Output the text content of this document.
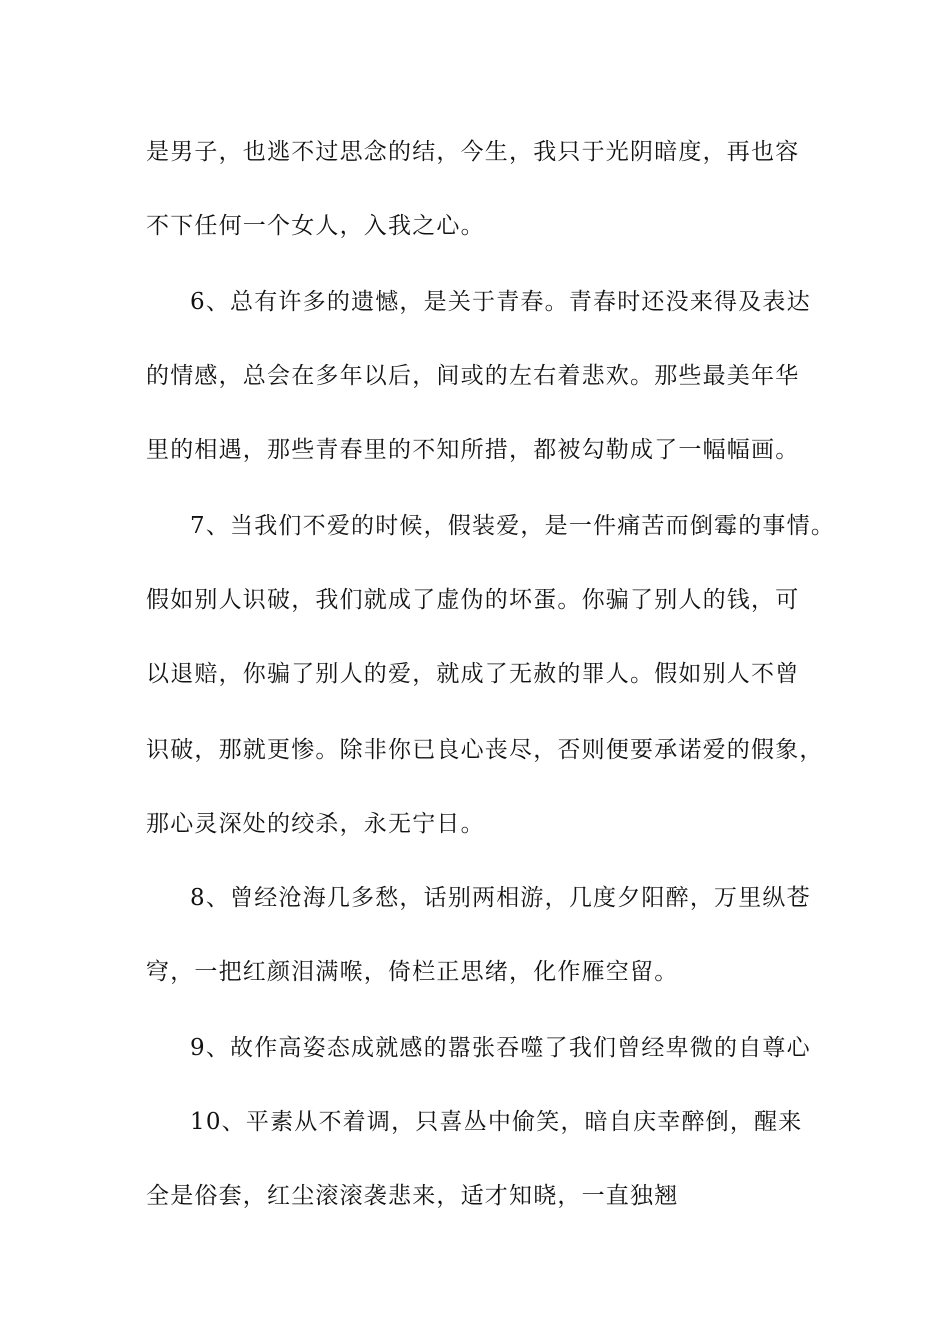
是男子，也逃不过思念的结，今生，我只于光阴暗度，再也容
不下任何一个女人，入我之心。
6、总有许多的遗憾，是关于青春。青春时还没来得及表达
的情感，总会在多年以后，间或的左右着悲欢。那些最美年华
里的相遇，那些青春里的不知所措，都被勾勒成了一幅幅画。
7、当我们不爱的时候，假装爱，是一件痛苦而倒霉的事情。
假如别人识破，我们就成了虚伪的坏蛋。你骗了别人的钱，可
以退赔，你骗了别人的爱，就成了无赦的罪人。假如别人不曾
识破，那就更惨。除非你已良心丧尽，否则便要承诺爱的假象，
那心灵深处的绞杀，永无宁日。
8、曾经沧海几多愁，话别两相游，几度夕阳醉，万里纵苍
穹，一把红颜泪满喉，倚栏正思绪，化作雁空留。
9、故作高姿态成就感的嚣张吞噬了我们曾经卑微的自尊心
10、平素从不着调，只喜丛中偷笑，暗自庆幸醉倒，醒来
全是俗套，红尘滚滚袭悲来，适才知晓，一直独翘
